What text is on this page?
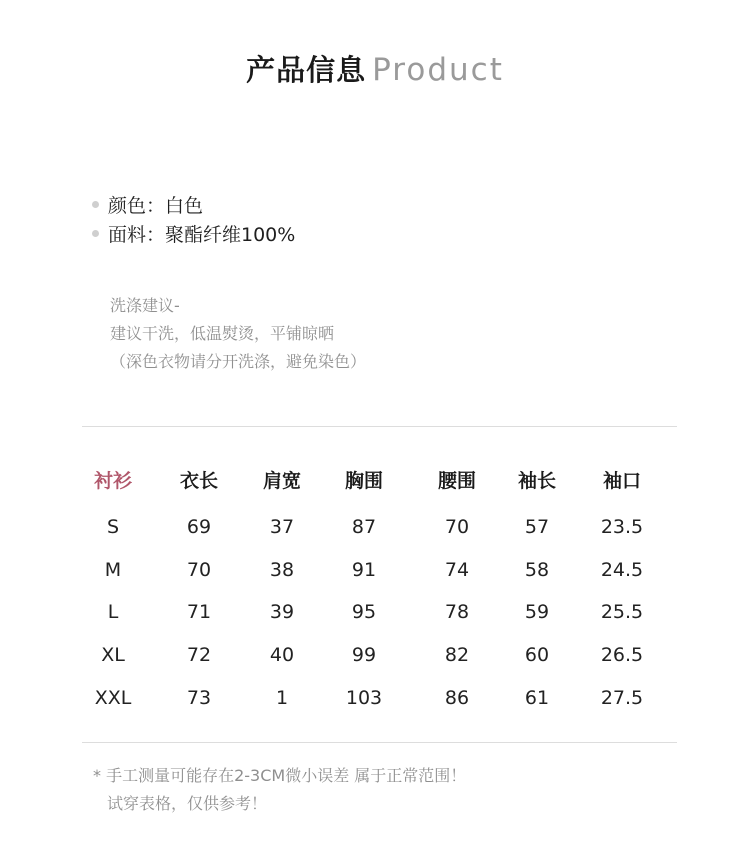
产品信息 Product
颜色：白色
面料：聚酯纤维100%
洗涤建议-
建议干洗，低温熨烫，平铺晾晒
（深色衣物请分开洗涤，避免染色）
衬衫	衣长	肩宽	胸围	腰围	袖长	袖口
S	69	37	87	70	57	23.5
M	70	38	91	74	58	24.5
L	71	39	95	78	59	25.5
XL	72	40	99	82	60	26.5
XXL	73	1	103	86	61	27.5
* 手工测量可能存在2-3CM微小误差 属于正常范围！
试穿表格，仅供参考！
